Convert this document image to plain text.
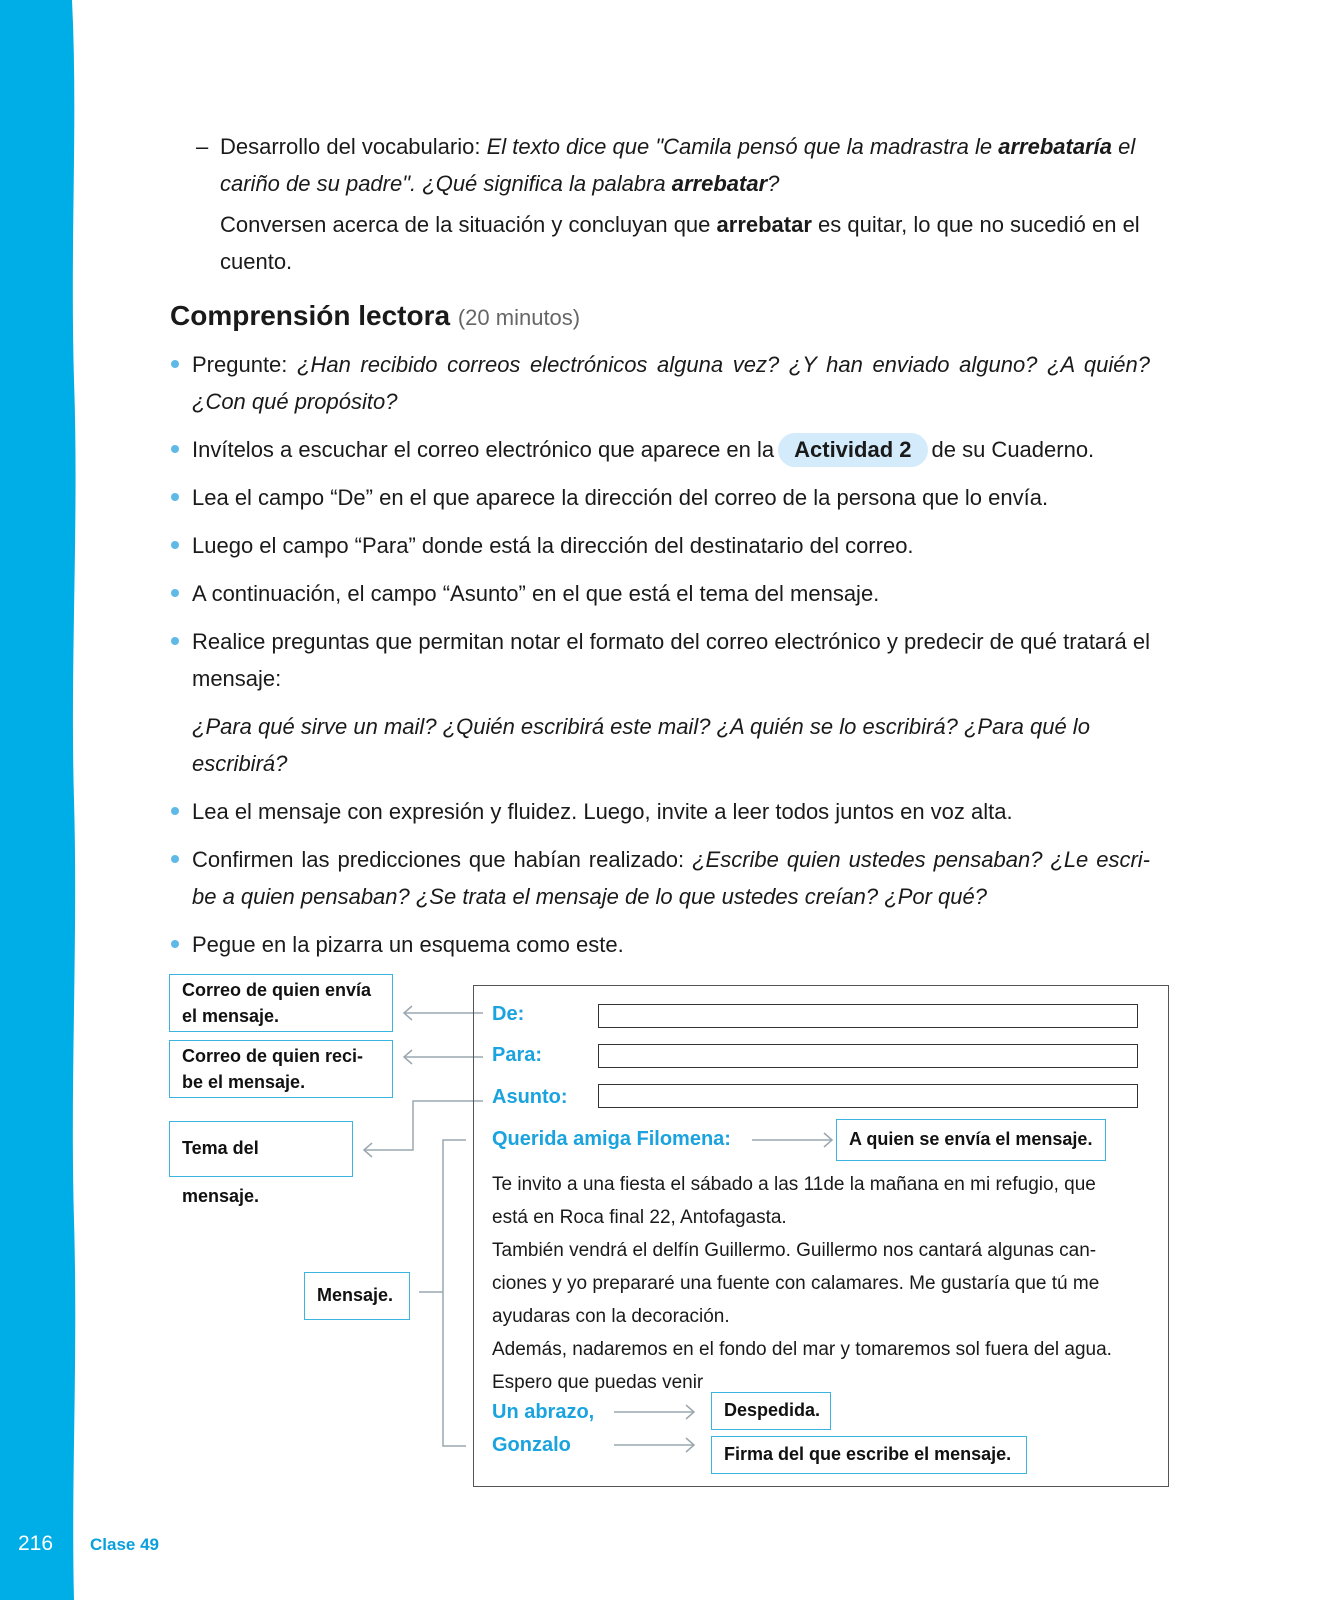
216 Clase 49
– Desarrollo del vocabulario: El texto dice que "Camila pensó que la madrastra le arrebataría el cariño de su padre". ¿Qué significa la palabra arrebatar?
Conversen acerca de la situación y concluyan que arrebatar es quitar, lo que no sucedió en el cuento.
Comprensión lectora (20 minutos)
Pregunte: ¿Han recibido correos electrónicos alguna vez? ¿Y han enviado alguno? ¿A quién? ¿Con qué propósito?
Invítelos a escuchar el correo electrónico que aparece en la Actividad 2 de su Cuaderno.
Lea el campo “De” en el que aparece la dirección del correo de la persona que lo envía.
Luego el campo “Para” donde está la dirección del destinatario del correo.
A continuación, el campo “Asunto” en el que está el tema del mensaje.
Realice preguntas que permitan notar el formato del correo electrónico y predecir de qué tratará el mensaje:
¿Para qué sirve un mail? ¿Quién escribirá este mail? ¿A quién se lo escribirá? ¿Para qué lo escribirá?
Lea el mensaje con expresión y fluidez. Luego, invite a leer todos juntos en voz alta.
Confirmen las predicciones que habían realizado: ¿Escribe quien ustedes pensaban? ¿Le escri-be a quien pensaban? ¿Se trata el mensaje de lo que ustedes creían? ¿Por qué?
Pegue en la pizarra un esquema como este.
Correo de quien envía el mensaje.
Correo de quien reci-be el mensaje.
Tema del mensaje.
Mensaje.
De:
Para:
Asunto:
Querida amiga Filomena:	A quien se envía el mensaje.
Te invito a una fiesta el sábado a las 11de la mañana en mi refugio, que
está en Roca final 22, Antofagasta.
También vendrá el delfín Guillermo. Guillermo nos cantará algunas can-
ciones y yo prepararé una fuente con calamares. Me gustaría que tú me
ayudaras con la decoración.
Además, nadaremos en el fondo del mar y tomaremos sol fuera del agua.
Espero que puedas venir
Un abrazo,	Despedida.
Gonzalo	Firma del que escribe el mensaje.
